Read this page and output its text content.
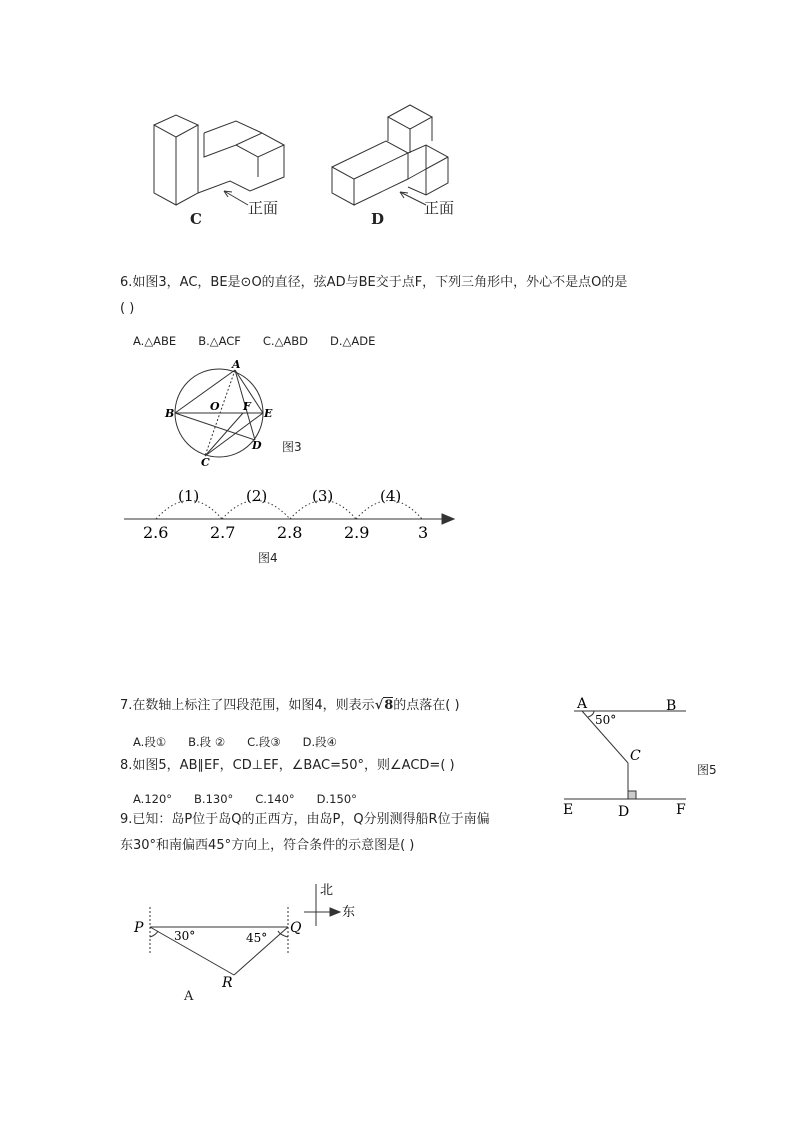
正面	正面
C	D
6.如图3，AC，BE是⊙O的直径，弦AD与BE交于点F，下列三角形中，外心不是点O的是
( )
A.△ABE B.△ACF C.△ABD D.△ADE
A
B
O F
E
D
C
图3
(1)	(2)	(3)	(4)
2.6	2.7	2.8	2.9	3
图4
7.在数轴上标注了四段范围，如图4，则表示√8的点落在( )
A.段① B.段 ② C.段③ D.段④
A	B
50°
C
E	D	F
图5
8.如图5，AB∥EF，CD⊥EF，∠BAC=50°，则∠ACD=( )
A.120° B.130° C.140° D.150°
9.已知：岛P位于岛Q的正西方，由岛P，Q分别测得船R位于南偏
东30°和南偏西45°方向上，符合条件的示意图是( )
北
东
P	Q
R
30°	45°
A
